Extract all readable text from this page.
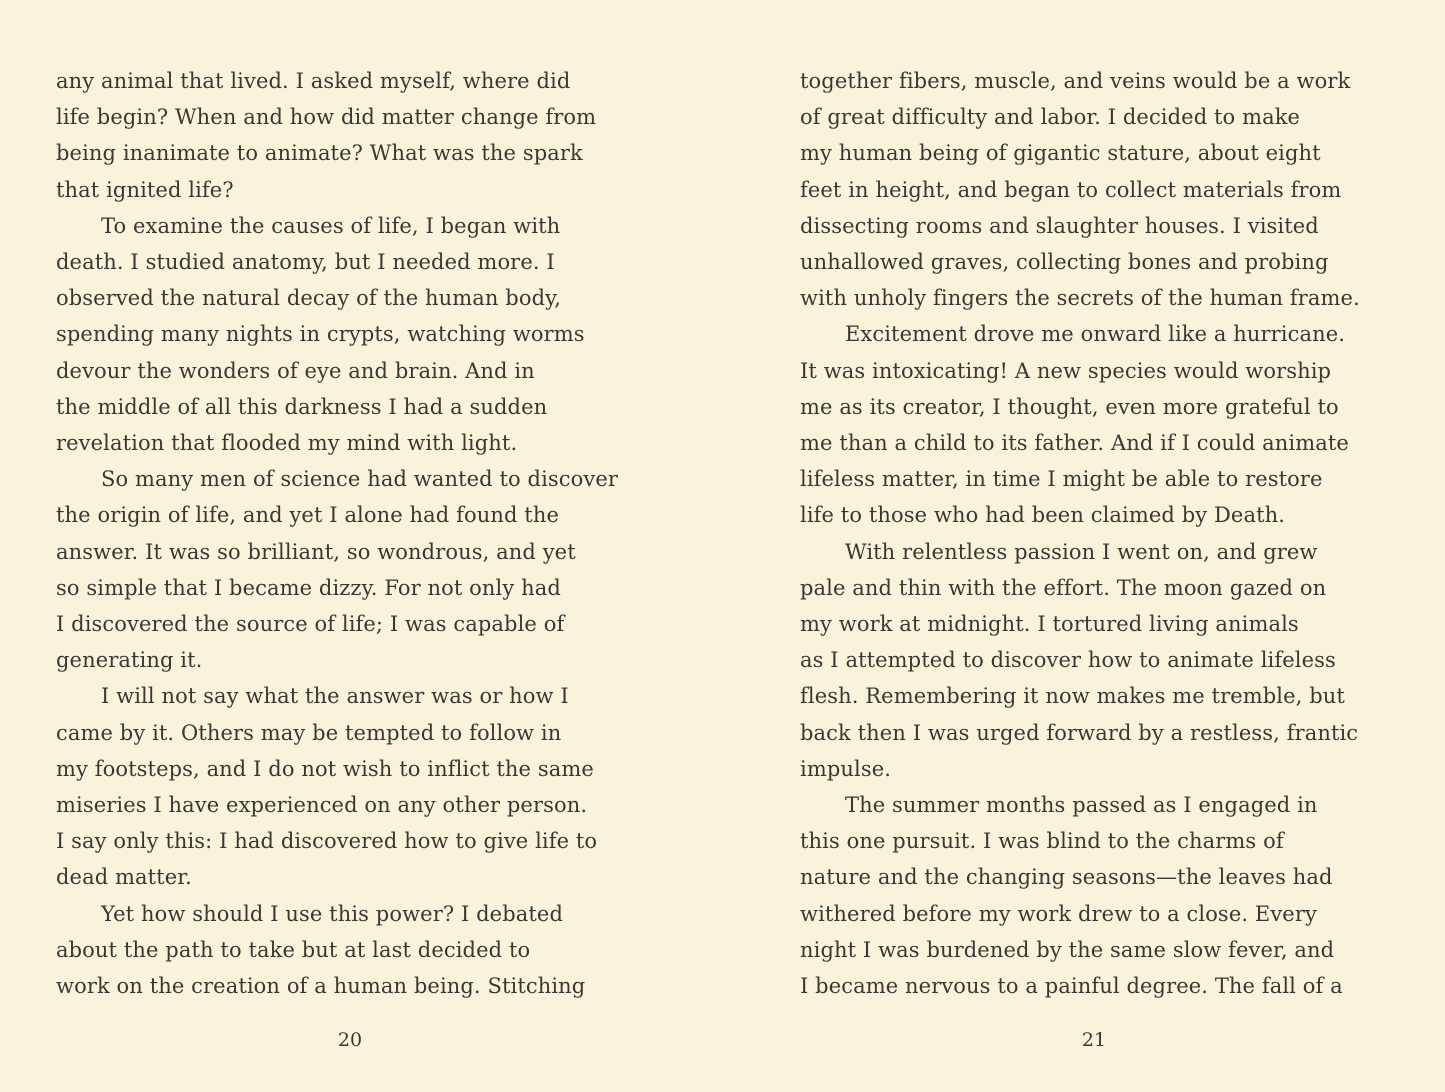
20
any animal that lived. I asked myself, where did
life begin? When and how did matter change from
being inanimate to animate? What was the spark
that ignited life?
To examine the causes of life, I began with
death. I studied anatomy, but I needed more. I
observed the natural decay of the human body,
spending many nights in crypts, watching worms
devour the wonders of eye and brain. And in
the middle of all this darkness I had a sudden
revelation that flooded my mind with light.
So many men of science had wanted to discover
the origin of life, and yet I alone had found the
answer. It was so brilliant, so wondrous, and yet
so simple that I became dizzy. For not only had
I discovered the source of life; I was capable of
generating it.
I will not say what the answer was or how I
came by it. Others may be tempted to follow in
my footsteps, and I do not wish to inflict the same
miseries I have experienced on any other person.
I say only this: I had discovered how to give life to
dead matter.
Yet how should I use this power? I debated
about the path to take but at last decided to
work on the creation of a human being. Stitching
21
together fibers, muscle, and veins would be a work
of great difficulty and labor. I decided to make
my human being of gigantic stature, about eight
feet in height, and began to collect materials from
dissecting rooms and slaughter houses. I visited
unhallowed graves, collecting bones and probing
with unholy fingers the secrets of the human frame.
Excitement drove me onward like a hurricane.
It was intoxicating! A new species would worship
me as its creator, I thought, even more grateful to
me than a child to its father. And if I could animate
lifeless matter, in time I might be able to restore
life to those who had been claimed by Death.
With relentless passion I went on, and grew
pale and thin with the effort. The moon gazed on
my work at midnight. I tortured living animals
as I attempted to discover how to animate lifeless
flesh. Remembering it now makes me tremble, but
back then I was urged forward by a restless, frantic
impulse.
The summer months passed as I engaged in
this one pursuit. I was blind to the charms of
nature and the changing seasons—the leaves had
withered before my work drew to a close. Every
night I was burdened by the same slow fever, and
I became nervous to a painful degree. The fall of a
